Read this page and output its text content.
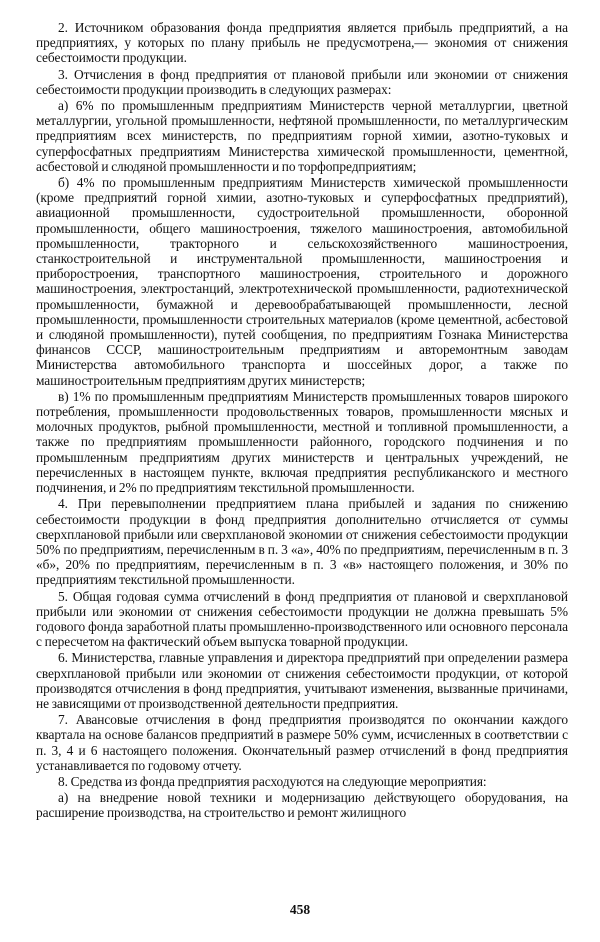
2. Источником образования фонда предприятия является прибыль предприятий, а на предприятиях, у которых по плану прибыль не предусмотрена,— экономия от снижения себестоимости продукции.

3. Отчисления в фонд предприятия от плановой прибыли или экономии от снижения себестоимости продукции производить в следующих размерах:

а) 6% по промышленным предприятиям Министерств черной металлургии, цветной металлургии, угольной промышленности, нефтяной промышленности, по металлургическим предприятиям всех министерств, по предприятиям горной химии, азотно-туковых и суперфосфатных предприятиям Министерства химической промышленности, цементной, асбестовой и слюдяной промышленности и по торфопредприятиям;

б) 4% по промышленным предприятиям Министерств химической промышленности (кроме предприятий горной химии, азотно-туковых и суперфосфатных предприятий), авиационной промышленности, судостроительной промышленности, оборонной промышленности, общего машиностроения, тяжелого машиностроения, автомобильной промышленности, тракторного и сельскохозяйственного машиностроения, станкостроительной и инструментальной промышленности, машиностроения и приборостроения, транспортного машиностроения, строительного и дорожного машиностроения, электростанций, электротехнической промышленности, радиотехнической промышленности, бумажной и деревообрабатывающей промышленности, лесной промышленности, промышленности строительных материалов (кроме цементной, асбестовой и слюдяной промышленности), путей сообщения, по предприятиям Гознака Министерства финансов СССР, машиностроительным предприятиям и авторемонтным заводам Министерства автомобильного транспорта и шоссейных дорог, а также по машиностроительным предприятиям других министерств;

в) 1% по промышленным предприятиям Министерств промышленных товаров широкого потребления, промышленности продовольственных товаров, промышленности мясных и молочных продуктов, рыбной промышленности, местной и топливной промышленности, а также по предприятиям промышленности районного, городского подчинения и по промышленным предприятиям других министерств и центральных учреждений, не перечисленных в настоящем пункте, включая предприятия республиканского и местного подчинения, и 2% по предприятиям текстильной промышленности.

4. При перевыполнении предприятием плана прибылей и задания по снижению себестоимости продукции в фонд предприятия дополнительно отчисляется от суммы сверхплановой прибыли или сверхплановой экономии от снижения себестоимости продукции 50% по предприятиям, перечисленным в п. 3 «а», 40% по предприятиям, перечисленным в п. 3 «б», 20% по предприятиям, перечисленным в п. 3 «в» настоящего положения, и 30% по предприятиям текстильной промышленности.

5. Общая годовая сумма отчислений в фонд предприятия от плановой и сверхплановой прибыли или экономии от снижения себестоимости продукции не должна превышать 5% годового фонда заработной платы промышленно-производственного или основного персонала с пересчетом на фактический объем выпуска товарной продукции.

6. Министерства, главные управления и директора предприятий при определении размера сверхплановой прибыли или экономии от снижения себестоимости продукции, от которой производятся отчисления в фонд предприятия, учитывают изменения, вызванные причинами, не зависящими от производственной деятельности предприятия.

7. Авансовые отчисления в фонд предприятия производятся по окончании каждого квартала на основе балансов предприятий в размере 50% сумм, исчисленных в соответствии с п. 3, 4 и 6 настоящего положения. Окончательный размер отчислений в фонд предприятия устанавливается по годовому отчету.

8. Средства из фонда предприятия расходуются на следующие мероприятия:

а) на внедрение новой техники и модернизацию действующего оборудования, на расширение производства, на строительство и ремонт жилищного

458
